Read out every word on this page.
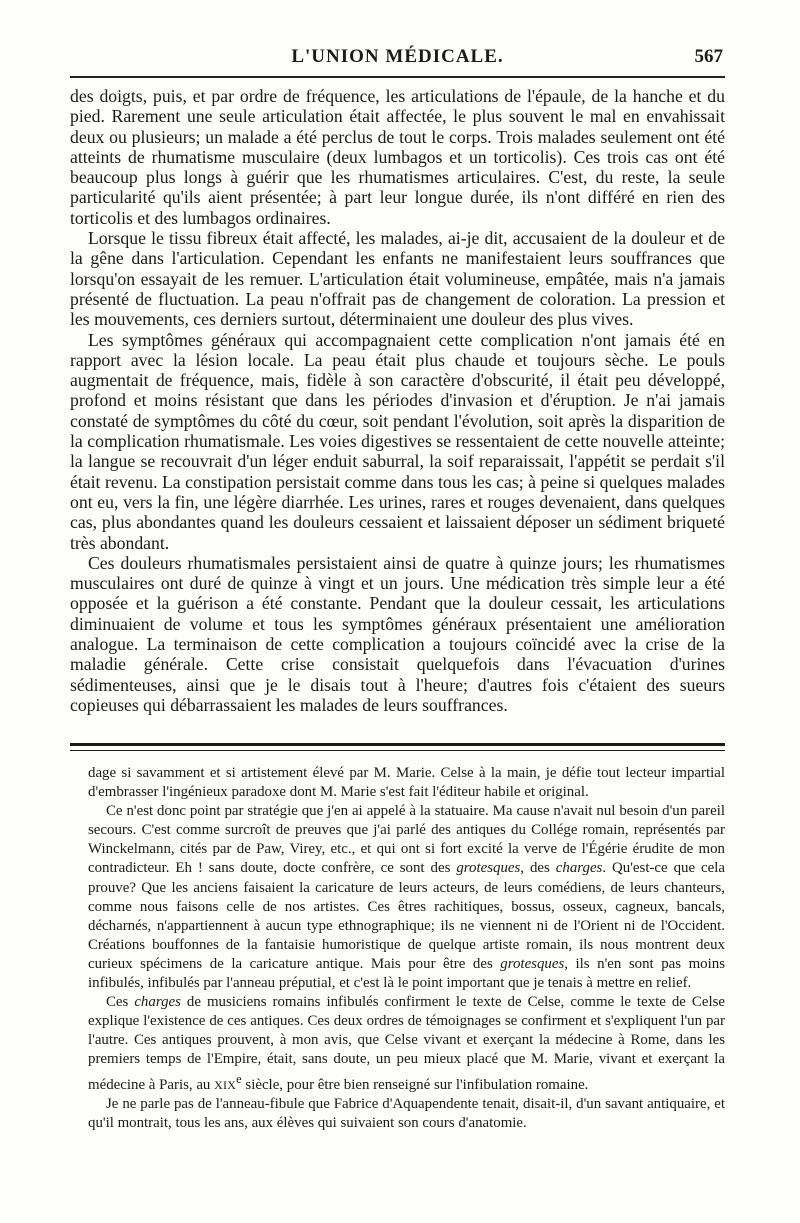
L'UNION MÉDICALE.	567

des doigts, puis, et par ordre de fréquence, les articulations de l'épaule, de la hanche et du pied. Rarement une seule articulation était affectée, le plus souvent le mal en envahissait deux ou plusieurs; un malade a été perclus de tout le corps. Trois malades seulement ont été atteints de rhumatisme musculaire (deux lumbagos et un torticolis). Ces trois cas ont été beaucoup plus longs à guérir que les rhumatismes articulaires. C'est, du reste, la seule particularité qu'ils aient présentée; à part leur longue durée, ils n'ont différé en rien des torticolis et des lumbagos ordinaires.

Lorsque le tissu fibreux était affecté, les malades, ai-je dit, accusaient de la douleur et de la gêne dans l'articulation. Cependant les enfants ne manifestaient leurs souffrances que lorsqu'on essayait de les remuer. L'articulation était volumineuse, empâtée, mais n'a jamais présenté de fluctuation. La peau n'offrait pas de changement de coloration. La pression et les mouvements, ces derniers surtout, déterminaient une douleur des plus vives.

Les symptômes généraux qui accompagnaient cette complication n'ont jamais été en rapport avec la lésion locale. La peau était plus chaude et toujours sèche. Le pouls augmentait de fréquence, mais, fidèle à son caractère d'obscurité, il était peu développé, profond et moins résistant que dans les périodes d'invasion et d'éruption. Je n'ai jamais constaté de symptômes du côté du cœur, soit pendant l'évolution, soit après la disparition de la complication rhumatismale. Les voies digestives se ressentaient de cette nouvelle atteinte; la langue se recouvrait d'un léger enduit saburral, la soif reparaissait, l'appétit se perdait s'il était revenu. La constipation persistait comme dans tous les cas; à peine si quelques malades ont eu, vers la fin, une légère diarrhée. Les urines, rares et rouges devenaient, dans quelques cas, plus abondantes quand les douleurs cessaient et laissaient déposer un sédiment briqueté très abondant.

Ces douleurs rhumatismales persistaient ainsi de quatre à quinze jours; les rhumatismes musculaires ont duré de quinze à vingt et un jours. Une médication très simple leur a été opposée et la guérison a été constante. Pendant que la douleur cessait, les articulations diminuaient de volume et tous les symptômes généraux présentaient une amélioration analogue. La terminaison de cette complication a toujours coïncidé avec la crise de la maladie générale. Cette crise consistait quelquefois dans l'évacuation d'urines sédimenteuses, ainsi que je le disais tout à l'heure; d'autres fois c'étaient des sueurs copieuses qui débarrassaient les malades de leurs souffrances.

dage si savamment et si artistement élevé par M. Marie. Celse à la main, je défie tout lecteur impartial d'embrasser l'ingénieux paradoxe dont M. Marie s'est fait l'éditeur habile et original.

Ce n'est donc point par stratégie que j'en ai appelé à la statuaire. Ma cause n'avait nul besoin d'un pareil secours. C'est comme surcroît de preuves que j'ai parlé des antiques du Collége romain, représentés par Winckelmann, cités par de Paw, Virey, etc., et qui ont si fort excité la verve de l'Égérie érudite de mon contradicteur. Eh ! sans doute, docte confrère, ce sont des grotesques, des charges. Qu'est-ce que cela prouve? Que les anciens faisaient la caricature de leurs acteurs, de leurs comédiens, de leurs chanteurs, comme nous faisons celle de nos artistes. Ces êtres rachitiques, bossus, osseux, cagneux, bancals, décharnés, n'appartiennent à aucun type ethnographique; ils ne viennent ni de l'Orient ni de l'Occident. Créations bouffonnes de la fantaisie humoristique de quelque artiste romain, ils nous montrent deux curieux spécimens de la caricature antique. Mais pour être des grotesques, ils n'en sont pas moins infibulés, infibulés par l'anneau préputial, et c'est là le point important que je tenais à mettre en relief.

Ces charges de musiciens romains infibulés confirment le texte de Celse, comme le texte de Celse explique l'existence de ces antiques. Ces deux ordres de témoignages se confirment et s'expliquent l'un par l'autre. Ces antiques prouvent, à mon avis, que Celse vivant et exerçant la médecine à Rome, dans les premiers temps de l'Empire, était, sans doute, un peu mieux placé que M. Marie, vivant et exerçant la médecine à Paris, au XIXe siècle, pour être bien renseigné sur l'infibulation romaine.

Je ne parle pas de l'anneau-fibule que Fabrice d'Aquapendente tenait, disait-il, d'un savant antiquaire, et qu'il montrait, tous les ans, aux élèves qui suivaient son cours d'anatomie.
